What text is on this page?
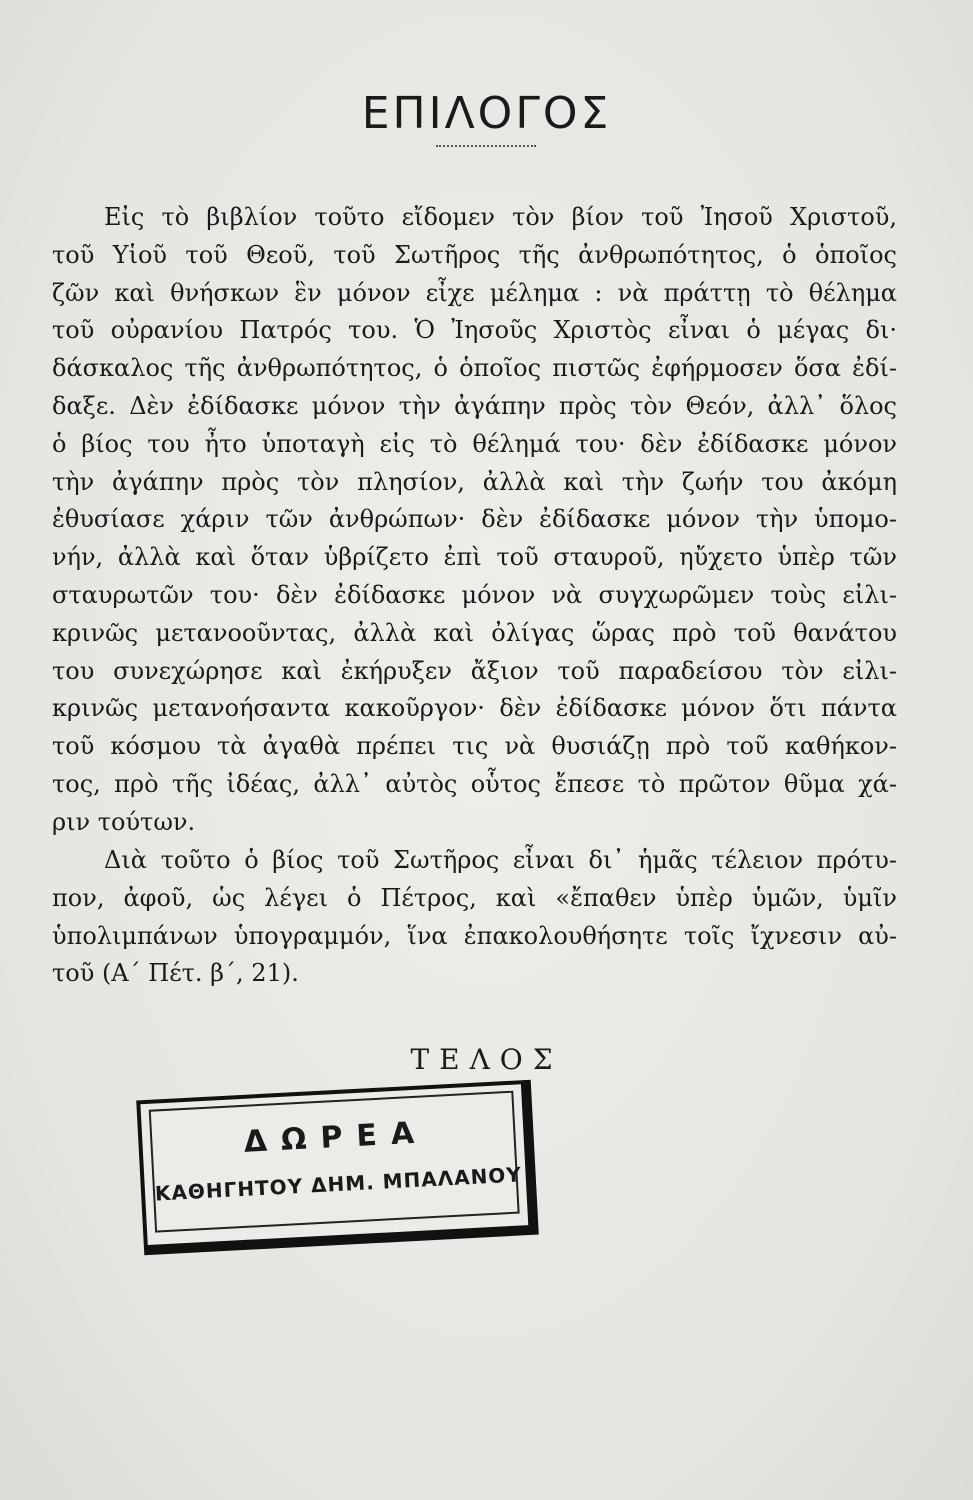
ΕΠΙΛΟΓΟΣ
Εἰς τὸ βιβλίον τοῦτο εἴδομεν τὸν βίον τοῦ Ἰησοῦ Χριστοῦ,
τοῦ Υἱοῦ τοῦ Θεοῦ, τοῦ Σωτῆρος τῆς ἀνθρωπότητος, ὁ ὁποῖος
ζῶν καὶ θνήσκων ἓν μόνον εἶχε μέλημα : νὰ πράττῃ τὸ θέλημα
τοῦ οὐρανίου Πατρός του. Ὁ Ἰησοῦς Χριστὸς εἶναι ὁ μέγας δι·
δάσκαλος τῆς ἀνθρωπότητος, ὁ ὁποῖος πιστῶς ἐφήρμοσεν ὅσα ἐδί-
δαξε. Δὲν ἐδίδασκε μόνον τὴν ἀγάπην πρὸς τὸν Θεόν, ἀλλ᾽ ὅλος
ὁ βίος του ἦτο ὑποταγὴ εἰς τὸ θέλημά του· δὲν ἐδίδασκε μόνον
τὴν ἀγάπην πρὸς τὸν πλησίον, ἀλλὰ καὶ τὴν ζωήν του ἀκόμη
ἐθυσίασε χάριν τῶν ἀνθρώπων· δὲν ἐδίδασκε μόνον τὴν ὑπομο-
νήν, ἀλλὰ καὶ ὅταν ὑβρίζετο ἐπὶ τοῦ σταυροῦ, ηὔχετο ὑπὲρ τῶν
σταυρωτῶν του· δὲν ἐδίδασκε μόνον νὰ συγχωρῶμεν τοὺς εἰλι-
κρινῶς μετανοοῦντας, ἀλλὰ καὶ ὀλίγας ὥρας πρὸ τοῦ θανάτου
του συνεχώρησε καὶ ἐκήρυξεν ἄξιον τοῦ παραδείσου τὸν εἰλι-
κρινῶς μετανοήσαντα κακοῦργον· δὲν ἐδίδασκε μόνον ὅτι πάντα
τοῦ κόσμου τὰ ἀγαθὰ πρέπει τις νὰ θυσιάζῃ πρὸ τοῦ καθήκον-
τος, πρὸ τῆς ἰδέας, ἀλλ᾽ αὐτὸς οὗτος ἔπεσε τὸ πρῶτον θῦμα χά-
ριν τούτων.
Διὰ τοῦτο ὁ βίος τοῦ Σωτῆρος εἶναι δι᾽ ἡμᾶς τέλειον πρότυ-
πον, ἀφοῦ, ὡς λέγει ὁ Πέτρος, καὶ «ἔπαθεν ὑπὲρ ὑμῶν, ὑμῖν
ὑπολιμπάνων ὑπογραμμόν, ἵνα ἐπακολουθήσητε τοῖς ἴχνεσιν αὐ-
τοῦ (Α΄ Πέτ. β΄, 21).
ΤΕΛΟΣ
ΔΩΡΕΑ
ΚΑΘΗΓΗΤΟΥ ΔΗΜ. ΜΠΑΛΑΝΟΥ
